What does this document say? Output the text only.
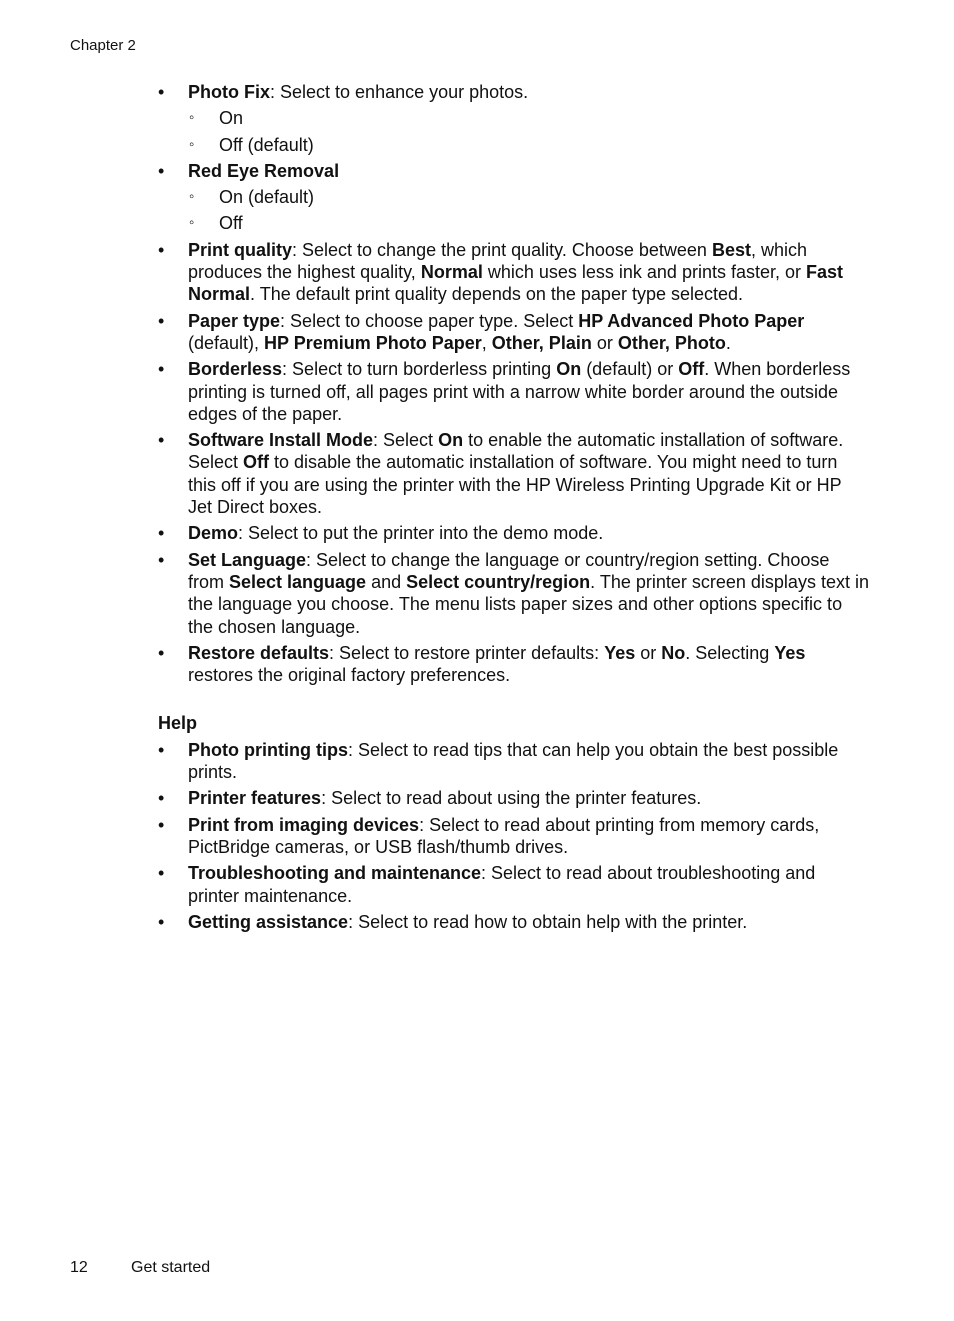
Chapter 2
• Photo Fix: Select to enhance your photos.
◦ On
◦ Off (default)
• Red Eye Removal
◦ On (default)
◦ Off
• Print quality: Select to change the print quality. Choose between Best, which produces the highest quality, Normal which uses less ink and prints faster, or Fast Normal. The default print quality depends on the paper type selected.
• Paper type: Select to choose paper type. Select HP Advanced Photo Paper (default), HP Premium Photo Paper, Other, Plain or Other, Photo.
• Borderless: Select to turn borderless printing On (default) or Off. When borderless printing is turned off, all pages print with a narrow white border around the outside edges of the paper.
• Software Install Mode: Select On to enable the automatic installation of software. Select Off to disable the automatic installation of software. You might need to turn this off if you are using the printer with the HP Wireless Printing Upgrade Kit or HP Jet Direct boxes.
• Demo: Select to put the printer into the demo mode.
• Set Language: Select to change the language or country/region setting. Choose from Select language and Select country/region. The printer screen displays text in the language you choose. The menu lists paper sizes and other options specific to the chosen language.
• Restore defaults: Select to restore printer defaults: Yes or No. Selecting Yes restores the original factory preferences.
Help
• Photo printing tips: Select to read tips that can help you obtain the best possible prints.
• Printer features: Select to read about using the printer features.
• Print from imaging devices: Select to read about printing from memory cards, PictBridge cameras, or USB flash/thumb drives.
• Troubleshooting and maintenance: Select to read about troubleshooting and printer maintenance.
• Getting assistance: Select to read how to obtain help with the printer.
12	Get started
